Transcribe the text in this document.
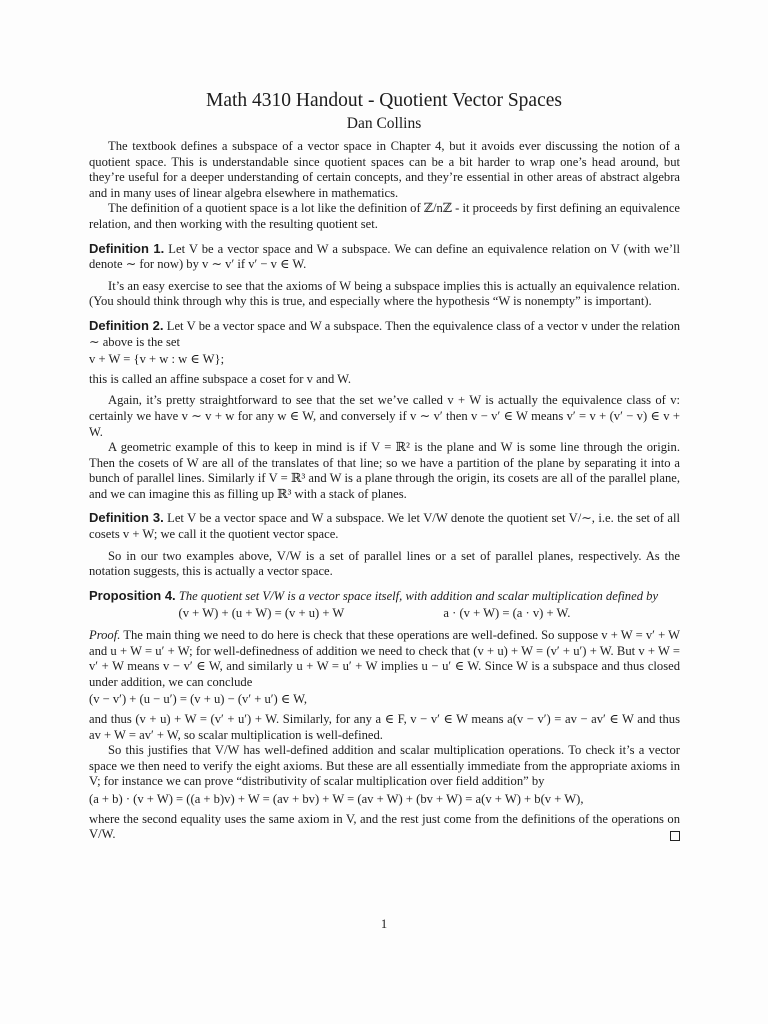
Math 4310 Handout - Quotient Vector Spaces
Dan Collins

The textbook defines a subspace of a vector space in Chapter 4, but it avoids ever discussing the notion of a quotient space. This is understandable since quotient spaces can be a bit harder to wrap one’s head around, but they’re useful for a deeper understanding of certain concepts, and they’re essential in other areas of abstract algebra and in many uses of linear algebra elsewhere in mathematics.

The definition of a quotient space is a lot like the definition of ℤ/nℤ - it proceeds by first defining an equivalence relation, and then working with the resulting quotient set.

Definition 1. Let V be a vector space and W a subspace. We can define an equivalence relation on V (with we’ll denote ∼ for now) by v ∼ v′ if v′ − v ∈ W.

It’s an easy exercise to see that the axioms of W being a subspace implies this is actually an equivalence relation. (You should think through why this is true, and especially where the hypothesis “W is nonempty” is important).

Definition 2. Let V be a vector space and W a subspace. Then the equivalence class of a vector v under the relation ∼ above is the set

v + W = {v + w : w ∈ W};

this is called an affine subspace a coset for v and W.

Again, it’s pretty straightforward to see that the set we’ve called v + W is actually the equivalence class of v: certainly we have v ∼ v + w for any w ∈ W, and conversely if v ∼ v′ then v − v′ ∈ W means v′ = v + (v′ − v) ∈ v + W.

A geometric example of this to keep in mind is if V = ℝ² is the plane and W is some line through the origin. Then the cosets of W are all of the translates of that line; so we have a partition of the plane by separating it into a bunch of parallel lines. Similarly if V = ℝ³ and W is a plane through the origin, its cosets are all of the parallel plane, and we can imagine this as filling up ℝ³ with a stack of planes.

Definition 3. Let V be a vector space and W a subspace. We let V/W denote the quotient set V/∼, i.e. the set of all cosets v + W; we call it the quotient vector space.

So in our two examples above, V/W is a set of parallel lines or a set of parallel planes, respectively. As the notation suggests, this is actually a vector space.

Proposition 4. The quotient set V/W is a vector space itself, with addition and scalar multiplication defined by

(v + W) + (u + W) = (v + u) + W	a · (v + W) = (a · v) + W.

Proof. The main thing we need to do here is check that these operations are well-defined. So suppose v + W = v′ + W and u + W = u′ + W; for well-definedness of addition we need to check that (v + u) + W = (v′ + u′) + W. But v + W = v′ + W means v − v′ ∈ W, and similarly u + W = u′ + W implies u − u′ ∈ W. Since W is a subspace and thus closed under addition, we can conclude

(v − v′) + (u − u′) = (v + u) − (v′ + u′) ∈ W,

and thus (v + u) + W = (v′ + u′) + W. Similarly, for any a ∈ F, v − v′ ∈ W means a(v − v′) = av − av′ ∈ W and thus av + W = av′ + W, so scalar multiplication is well-defined.

So this justifies that V/W has well-defined addition and scalar multiplication operations. To check it’s a vector space we then need to verify the eight axioms. But these are all essentially immediate from the appropriate axioms in V; for instance we can prove “distributivity of scalar multiplication over field addition” by

(a + b) · (v + W) = ((a + b)v) + W = (av + bv) + W = (av + W) + (bv + W) = a(v + W) + b(v + W),

where the second equality uses the same axiom in V, and the rest just come from the definitions of the operations on V/W.

1
